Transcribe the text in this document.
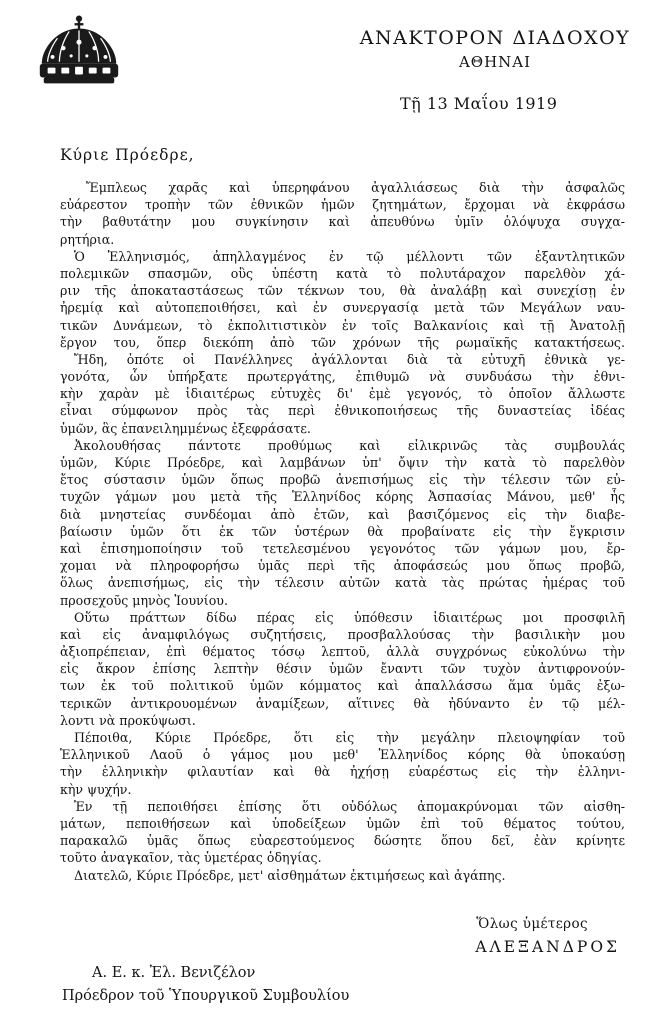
ΑΝΑΚΤΟΡΟΝ ΔΙΑΔΟΧΟΥ
ΑΘΗΝΑΙ
Τῇ 13 Μαΐου 1919
Κύριε Πρόεδρε,
Ἔμπλεως χαρᾶς καὶ ὑπερηφάνου ἀγαλλιάσεως διὰ τὴν ἀσφαλῶς
εὐάρεστον τροπὴν τῶν ἐθνικῶν ἡμῶν ζητημάτων, ἔρχομαι νὰ ἐκφράσω
τὴν βαθυτάτην μου συγκίνησιν καὶ ἀπευθύνω ὑμῖν ὁλόψυχα συγχα-
ρητήρια.
Ὁ Ἑλληνισμός, ἀπηλλαγμένος ἐν τῷ μέλλοντι τῶν ἐξαντλητικῶν
πολεμικῶν σπασμῶν, οὓς ὑπέστη κατὰ τὸ πολυτάραχον παρελθὸν χά-
ριν τῆς ἀποκαταστάσεως τῶν τέκνων του, θὰ ἀναλάβῃ καὶ συνεχίσῃ ἐν
ἠρεμίᾳ καὶ αὐτοπεποιθήσει, καὶ ἐν συνεργασίᾳ μετὰ τῶν Μεγάλων ναυ-
τικῶν Δυνάμεων, τὸ ἐκπολιτιστικὸν ἐν τοῖς Βαλκανίοις καὶ τῇ Ἀνατολῇ
ἔργον του, ὅπερ διεκόπη ἀπὸ τῶν χρόνων τῆς ρωμαϊκῆς κατακτήσεως.
Ἤδη, ὁπότε οἱ Πανέλληνες ἀγάλλονται διὰ τὰ εὐτυχῆ ἐθνικὰ γε-
γονότα, ὧν ὑπήρξατε πρωτεργάτης, ἐπιθυμῶ νὰ συνδυάσω τὴν ἐθνι-
κὴν χαρὰν μὲ ἰδιαιτέρως εὐτυχὲς δι' ἐμὲ γεγονός, τὸ ὁποῖον ἄλλωστε
εἶναι σύμφωνον πρὸς τὰς περὶ ἐθνικοποιήσεως τῆς δυναστείας ἰδέας
ὑμῶν, ἃς ἐπανειλημμένως ἐξεφράσατε.
Ἀκολουθήσας πάντοτε προθύμως καὶ εἰλικρινῶς τὰς συμβουλάς
ὑμῶν, Κύριε Πρόεδρε, καὶ λαμβάνων ὑπ' ὄψιν τὴν κατὰ τὸ παρελθὸν
ἔτος σύστασιν ὑμῶν ὅπως προβῶ ἀνεπισήμως εἰς τὴν τέλεσιν τῶν εὐ-
τυχῶν γάμων μου μετὰ τῆς Ἑλληνίδος κόρης Ἀσπασίας Μάνου, μεθ' ἧς
διὰ μνηστείας συνδέομαι ἀπὸ ἐτῶν, καὶ βασιζόμενος εἰς τὴν διαβε-
βαίωσιν ὑμῶν ὅτι ἐκ τῶν ὑστέρων θὰ προβαίνατε εἰς τὴν ἔγκρισιν
καὶ ἐπισημοποίησιν τοῦ τετελεσμένου γεγονότος τῶν γάμων μου, ἔρ-
χομαι νὰ πληροφορήσω ὑμᾶς περὶ τῆς ἀποφάσεώς μου ὅπως προβῶ,
ὅλως ἀνεπισήμως, εἰς τὴν τέλεσιν αὐτῶν κατὰ τὰς πρώτας ἡμέρας τοῦ
προσεχοῦς μηνὸς Ἰουνίου.
Οὕτω πράττων δίδω πέρας εἰς ὑπόθεσιν ἰδιαιτέρως μοι προσφιλῆ
καὶ εἰς ἀναμφιλόγως συζητήσεις, προσβαλλούσας τὴν βασιλικὴν μου
ἀξιοπρέπειαν, ἐπὶ θέματος τόσῳ λεπτοῦ, ἀλλὰ συγχρόνως εὐκολύνω τὴν
εἰς ἄκρον ἐπίσης λεπτὴν θέσιν ὑμῶν ἔναντι τῶν τυχὸν ἀντιφρονούν-
των ἐκ τοῦ πολιτικοῦ ὑμῶν κόμματος καὶ ἀπαλλάσσω ἅμα ὑμᾶς ἐξω-
τερικῶν ἀντικρουομένων ἀναμίξεων, αἵτινες θὰ ἠδύναντο ἐν τῷ μέλ-
λοντι νὰ προκύψωσι.
Πέποιθα, Κύριε Πρόεδρε, ὅτι εἰς τὴν μεγάλην πλειοψηφίαν τοῦ
Ἑλληνικοῦ Λαοῦ ὁ γάμος μου μεθ' Ἑλληνίδος κόρης θὰ ὑποκαύσῃ
τὴν ἑλληνικὴν φιλαυτίαν καὶ θὰ ἠχήσῃ εὐαρέστως εἰς τὴν ἑλληνι-
κὴν ψυχήν.
Ἐν τῇ πεποιθήσει ἐπίσης ὅτι οὐδόλως ἀπομακρύνομαι τῶν αἰσθη-
μάτων, πεποιθήσεων καὶ ὑποδείξεων ὑμῶν ἐπὶ τοῦ θέματος τούτου,
παρακαλῶ ὑμᾶς ὅπως εὐαρεστούμενος δώσητε ὅπου δεῖ, ἐὰν κρίνητε
τοῦτο ἀναγκαῖον, τὰς ὑμετέρας ὁδηγίας.
Διατελῶ, Κύριε Πρόεδρε, μετ' αἰσθημάτων ἐκτιμήσεως καὶ ἀγάπης.
Ὅλως ὑμέτερος
ΑΛΕΞΑΝΔΡΟΣ
Α. Ε. κ. Ἐλ. Βενιζέλον
Πρόεδρον τοῦ Ὑπουργικοῦ Συμβουλίου
